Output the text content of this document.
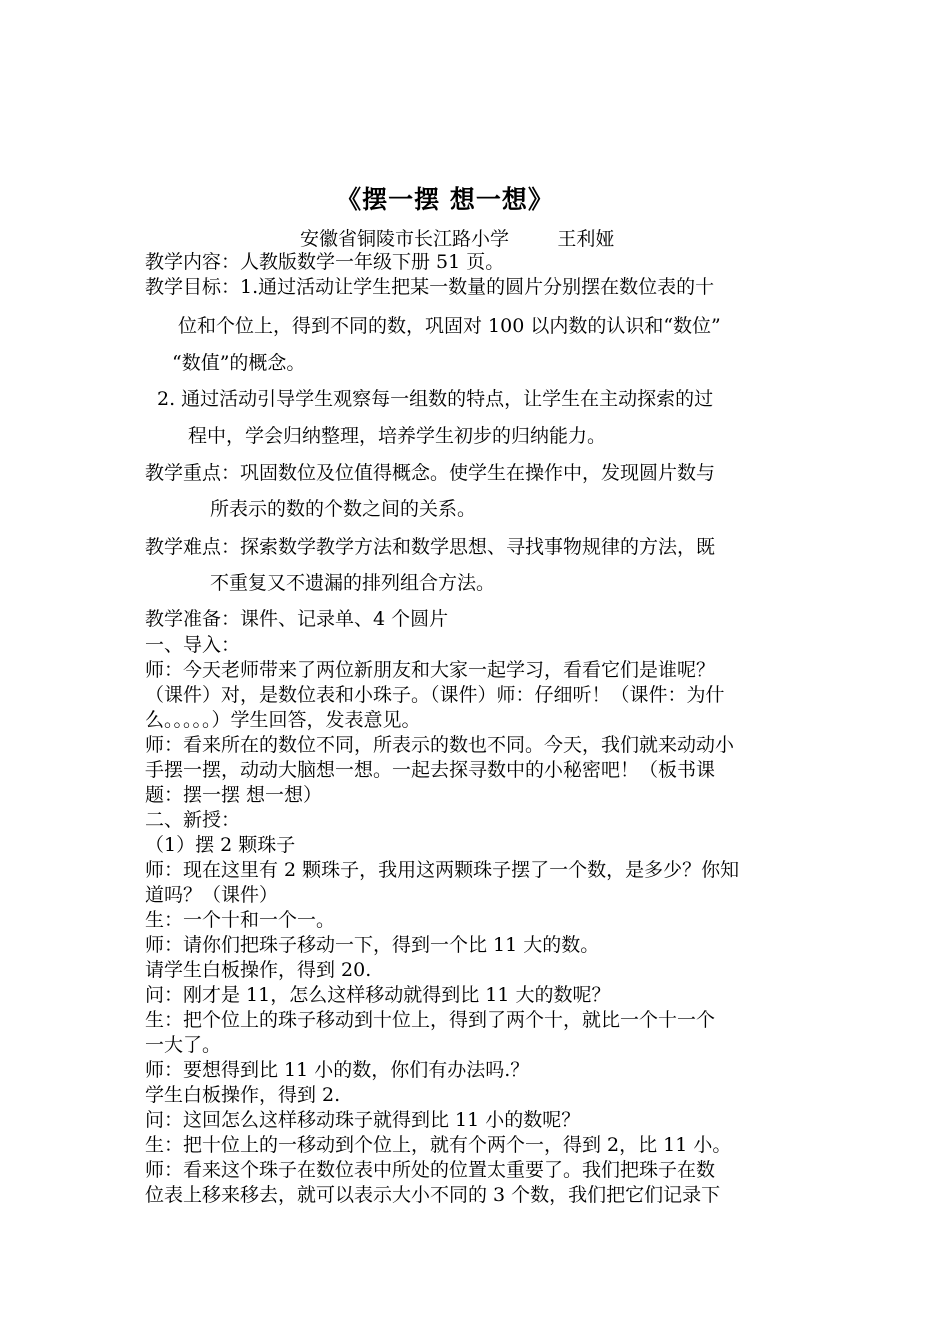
《摆一摆 想一想》
安徽省铜陵市长江路小学        王利娅
教学内容：人教版数学一年级下册 51 页。
教学目标：1.通过活动让学生把某一数量的圆片分别摆在数位表的十
位和个位上，得到不同的数，巩固对 100 以内数的认识和“数位”
“数值”的概念。
2. 通过活动引导学生观察每一组数的特点，让学生在主动探索的过
程中，学会归纳整理，培养学生初步的归纳能力。
教学重点：巩固数位及位值得概念。使学生在操作中，发现圆片数与
所表示的数的个数之间的关系。
教学难点：探索数学教学方法和数学思想、寻找事物规律的方法，既
不重复又不遗漏的排列组合方法。
教学准备：课件、记录单、4 个圆片
一、导入：
师：今天老师带来了两位新朋友和大家一起学习，看看它们是谁呢？
（课件）对，是数位表和小珠子。（课件）师：仔细听！（课件：为什
么。。。。。）学生回答，发表意见。
师：看来所在的数位不同，所表示的数也不同。今天，我们就来动动小
手摆一摆，动动大脑想一想。一起去探寻数中的小秘密吧！（板书课
题：摆一摆 想一想）
二、新授：
（1）摆 2 颗珠子
师：现在这里有 2 颗珠子，我用这两颗珠子摆了一个数，是多少？你知
道吗？（课件）
生：一个十和一个一。
师：请你们把珠子移动一下，得到一个比 11 大的数。
请学生白板操作，得到 20.
问：刚才是 11，怎么这样移动就得到比 11 大的数呢？
生：把个位上的珠子移动到十位上，得到了两个十，就比一个十一个
一大了。
师：要想得到比 11 小的数，你们有办法吗.？
学生白板操作，得到 2.
问：这回怎么这样移动珠子就得到比 11 小的数呢？
生：把十位上的一移动到个位上，就有个两个一，得到 2，比 11 小。
师：看来这个珠子在数位表中所处的位置太重要了。我们把珠子在数
位表上移来移去，就可以表示大小不同的 3 个数，我们把它们记录下
